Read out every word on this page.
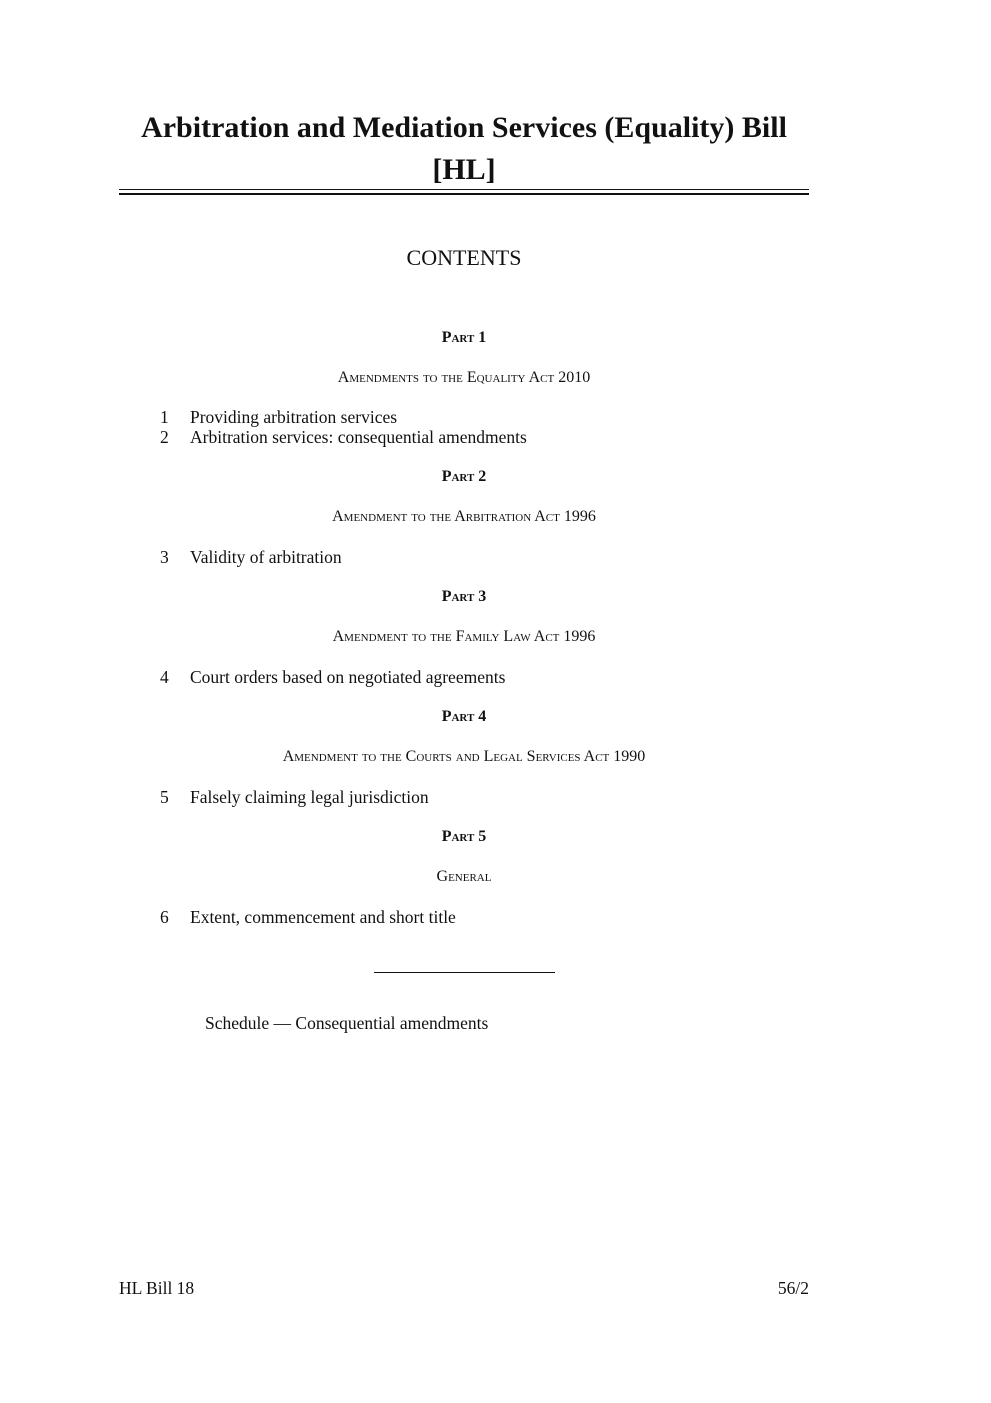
Arbitration and Mediation Services (Equality) Bill
[HL]
CONTENTS
Part 1
Amendments to the Equality Act 2010
1 Providing arbitration services
2 Arbitration services: consequential amendments
Part 2
Amendment to the Arbitration Act 1996
3 Validity of arbitration
Part 3
Amendment to the Family Law Act 1996
4 Court orders based on negotiated agreements
Part 4
Amendment to the Courts and Legal Services Act 1990
5 Falsely claiming legal jurisdiction
Part 5
General
6 Extent, commencement and short title
Schedule — Consequential amendments
HL Bill 18	56/2
